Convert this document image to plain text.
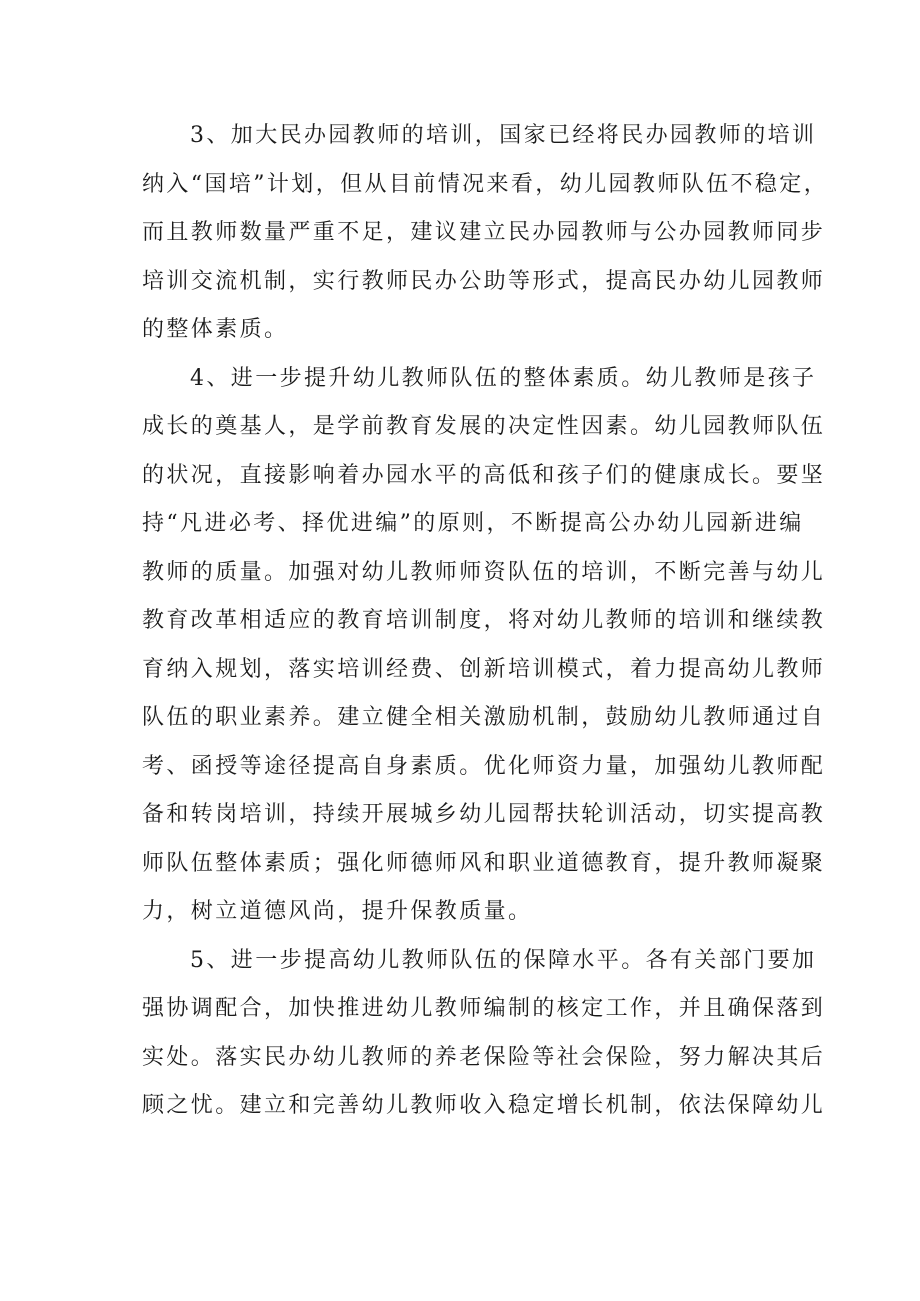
3、加大民办园教师的培训，国家已经将民办园教师的培训
纳入“国培”计划，但从目前情况来看，幼儿园教师队伍不稳定，
而且教师数量严重不足，建议建立民办园教师与公办园教师同步
培训交流机制，实行教师民办公助等形式，提高民办幼儿园教师
的整体素质。
4、进一步提升幼儿教师队伍的整体素质。幼儿教师是孩子
成长的奠基人，是学前教育发展的决定性因素。幼儿园教师队伍
的状况，直接影响着办园水平的高低和孩子们的健康成长。要坚
持“凡进必考、择优进编”的原则，不断提高公办幼儿园新进编
教师的质量。加强对幼儿教师师资队伍的培训，不断完善与幼儿
教育改革相适应的教育培训制度，将对幼儿教师的培训和继续教
育纳入规划，落实培训经费、创新培训模式，着力提高幼儿教师
队伍的职业素养。建立健全相关激励机制，鼓励幼儿教师通过自
考、函授等途径提高自身素质。优化师资力量，加强幼儿教师配
备和转岗培训，持续开展城乡幼儿园帮扶轮训活动，切实提高教
师队伍整体素质；强化师德师风和职业道德教育，提升教师凝聚
力，树立道德风尚，提升保教质量。
5、进一步提高幼儿教师队伍的保障水平。各有关部门要加
强协调配合，加快推进幼儿教师编制的核定工作，并且确保落到
实处。落实民办幼儿教师的养老保险等社会保险，努力解决其后
顾之忧。建立和完善幼儿教师收入稳定增长机制，依法保障幼儿
